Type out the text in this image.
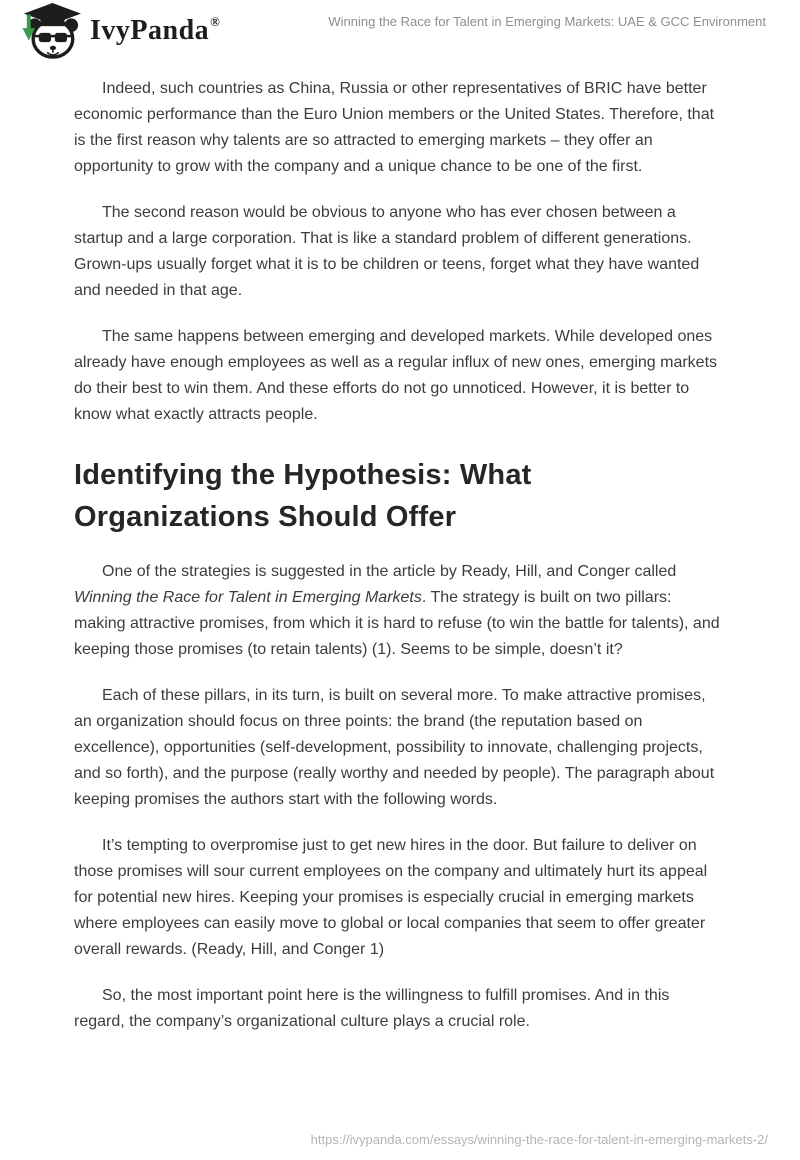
IvyPanda ®	Winning the Race for Talent in Emerging Markets: UAE & GCC Environment

Indeed, such countries as China, Russia or other representatives of BRIC have better economic performance than the Euro Union members or the United States. Therefore, that is the first reason why talents are so attracted to emerging markets – they offer an opportunity to grow with the company and a unique chance to be one of the first.

The second reason would be obvious to anyone who has ever chosen between a startup and a large corporation. That is like a standard problem of different generations. Grown-ups usually forget what it is to be children or teens, forget what they have wanted and needed in that age.

The same happens between emerging and developed markets. While developed ones already have enough employees as well as a regular influx of new ones, emerging markets do their best to win them. And these efforts do not go unnoticed. However, it is better to know what exactly attracts people.

Identifying the Hypothesis: What Organizations Should Offer

One of the strategies is suggested in the article by Ready, Hill, and Conger called Winning the Race for Talent in Emerging Markets. The strategy is built on two pillars: making attractive promises, from which it is hard to refuse (to win the battle for talents), and keeping those promises (to retain talents) (1). Seems to be simple, doesn’t it?

Each of these pillars, in its turn, is built on several more. To make attractive promises, an organization should focus on three points: the brand (the reputation based on excellence), opportunities (self-development, possibility to innovate, challenging projects, and so forth), and the purpose (really worthy and needed by people). The paragraph about keeping promises the authors start with the following words.

It’s tempting to overpromise just to get new hires in the door. But failure to deliver on those promises will sour current employees on the company and ultimately hurt its appeal for potential new hires. Keeping your promises is especially crucial in emerging markets where employees can easily move to global or local companies that seem to offer greater overall rewards. (Ready, Hill, and Conger 1)

So, the most important point here is the willingness to fulfill promises. And in this regard, the company’s organizational culture plays a crucial role.

https://ivypanda.com/essays/winning-the-race-for-talent-in-emerging-markets-2/
